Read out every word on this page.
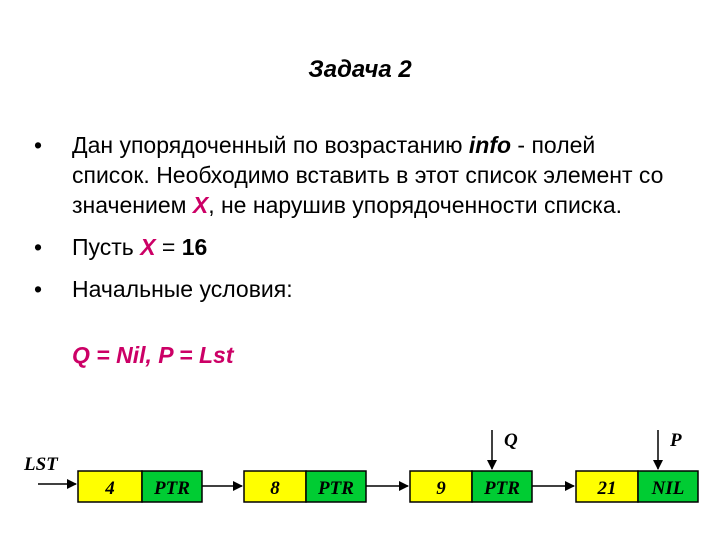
Задача 2
• Дан упорядоченный по возрастанию info - полей список. Необходимо вставить в этот список элемент со значением X, не нарушив упорядоченности списка.
• Пусть X = 16
• Начальные условия:
Q = Nil, P = Lst
LST
4 PTR	8 PTR	9 PTR	21 NIL
Q	P
